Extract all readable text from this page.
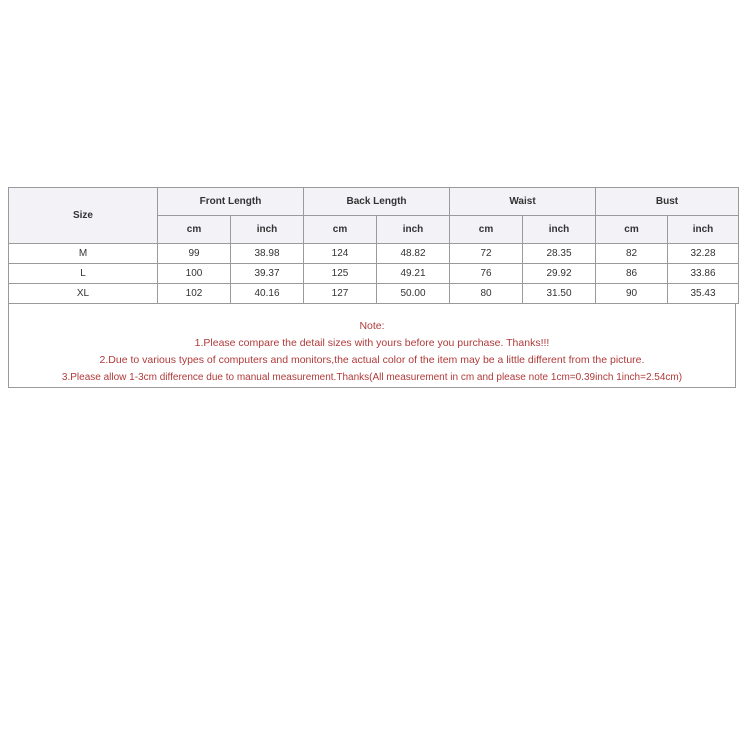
Size	Front Length		Back Length		Waist		Bust	
	cm	inch	cm	inch	cm	inch	cm	inch
M	99	38.98	124	48.82	72	28.35	82	32.28
L	100	39.37	125	49.21	76	29.92	86	33.86
XL	102	40.16	127	50.00	80	31.50	90	35.43
Note:
1.Please compare the detail sizes with yours before you purchase. Thanks!!!
2.Due to various types of computers and monitors,the actual color of the item may be a little different from the picture.
3.Please allow 1-3cm difference due to manual measurement.Thanks(All measurement in cm and please note 1cm=0.39inch 1inch=2.54cm)
